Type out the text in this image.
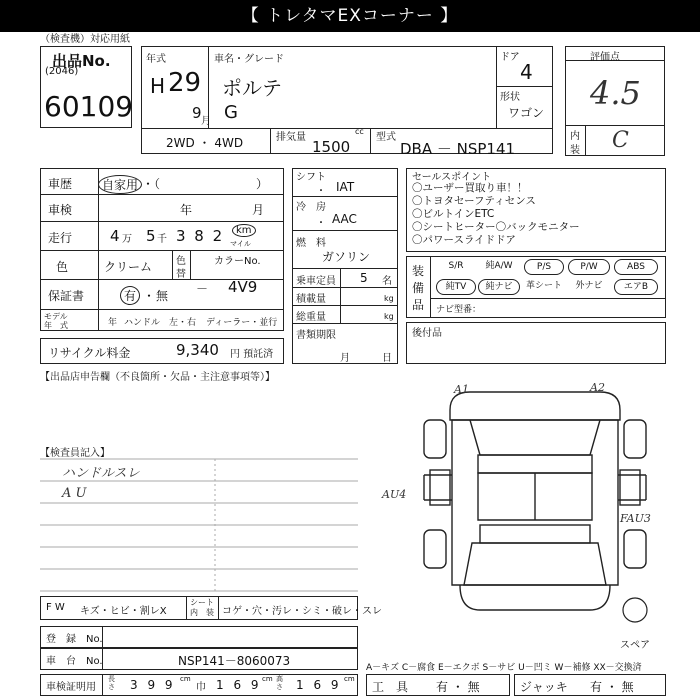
【 トレタマEXコーナー 】
（検査機）対応用紙
出品No.
(2046)
60109
年式
H 29
9 月
車名・グレード
ポルテ
G
ドア
4
形状
ワゴン
2WD ・ 4WD	排気量
cc
1500
型式
DBA － NSP141
評価点
4.5
内
装 C
車歴	自家用 ・（	）
車検	年	月
走行	4 万 5 千 3 8 2	km
マイル
色	クリーム 色
替
カラーNo.
4V9
－
保証書	有 ・ 無
モデル
年　式	年 ハンドル　左・右 ディーラー・並行
リサイクル料金	9,340 円 預託済
シフト
・ IAT
冷　房
・ AAC
燃　料
ガソリン
乗車定員 5 名
積載量	kg
総重量	kg
書類期限
月	日
セールスポイント
〇ユーザー買取り車！！
〇トヨタセーフティセンス
〇ビルトインETC
〇シートヒーター〇バックモニター
〇パワースライドドア
装
備
品
S/R	純A/W	P/S	P/W	ABS
純TV	純ナビ	革シート	外ナビ	エアB
ナビ型番：
後付品
【出品店申告欄（不良箇所・欠品・主注意事項等）】
【検査員記入】
ハンドルスレ
A U
A1	A2
AU4
FAU3
スペア
F W キズ・ヒビ・割レX
シート
内　装 コゲ・穴・汚レ・シミ・破レ・スレ
登　録　No.
車　台　No.	NSP141－8060073	A－キズ C－腐食 E－エクボ S－サビ U－凹ミ W－補修 XX－交換済
車検証明用
長さ 3 9 9 cm
巾 1 6 9 cm 高さ 1 6 9 cm
工　具 有 ・ 無	ジャッキ 有 ・ 無
